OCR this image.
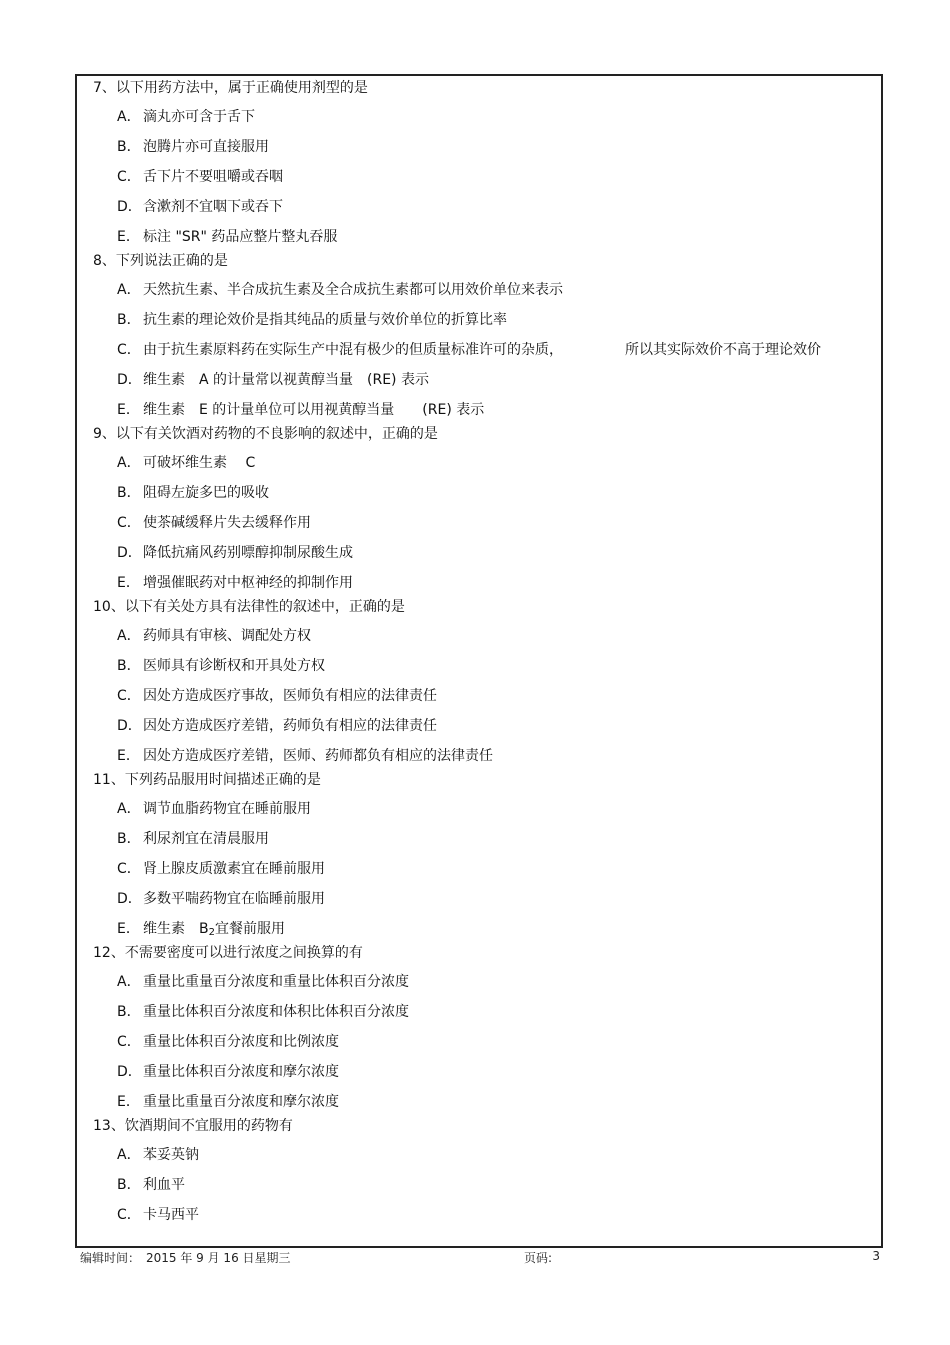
7、以下用药方法中，属于正确使用剂型的是
A． 滴丸亦可含于舌下
B． 泡腾片亦可直接服用
C． 舌下片不要咀嚼或吞咽
D．含漱剂不宜咽下或吞下
E． 标注 "SR" 药品应整片整丸吞服
8、下列说法正确的是
A． 天然抗生素、半合成抗生素及全合成抗生素都可以用效价单位来表示
B． 抗生素的理论效价是指其纯品的质量与效价单位的折算比率
C． 由于抗生素原料药在实际生产中混有极少的但质量标准许可的杂质，	所以其实际效价不高于理论效价
D．维生素　A 的计量常以视黄醇当量　(RE) 表示
E． 维生素　E 的计量单位可以用视黄醇当量　　(RE) 表示
9、以下有关饮酒对药物的不良影响的叙述中，正确的是
A． 可破坏维生素　 C
B． 阻碍左旋多巴的吸收
C． 使茶碱缓释片失去缓释作用
D．降低抗痛风药别嘌醇抑制尿酸生成
E． 增强催眠药对中枢神经的抑制作用
10、以下有关处方具有法律性的叙述中，正确的是
A． 药师具有审核、调配处方权
B． 医师具有诊断权和开具处方权
C． 因处方造成医疗事故，医师负有相应的法律责任
D．因处方造成医疗差错，药师负有相应的法律责任
E． 因处方造成医疗差错，医师、药师都负有相应的法律责任
11、下列药品服用时间描述正确的是
A． 调节血脂药物宜在睡前服用
B． 利尿剂宜在清晨服用
C． 肾上腺皮质激素宜在睡前服用
D．多数平喘药物宜在临睡前服用
E． 维生素　$B_2$宜餐前服用
12、不需要密度可以进行浓度之间换算的有
A． 重量比重量百分浓度和重量比体积百分浓度
B． 重量比体积百分浓度和体积比体积百分浓度
C． 重量比体积百分浓度和比例浓度
D．重量比体积百分浓度和摩尔浓度
E． 重量比重量百分浓度和摩尔浓度
13、饮酒期间不宜服用的药物有
A． 苯妥英钠
B． 利血平
C． 卡马西平
编辑时间：　2015 年 9 月 16 日星期三	页码:	3
